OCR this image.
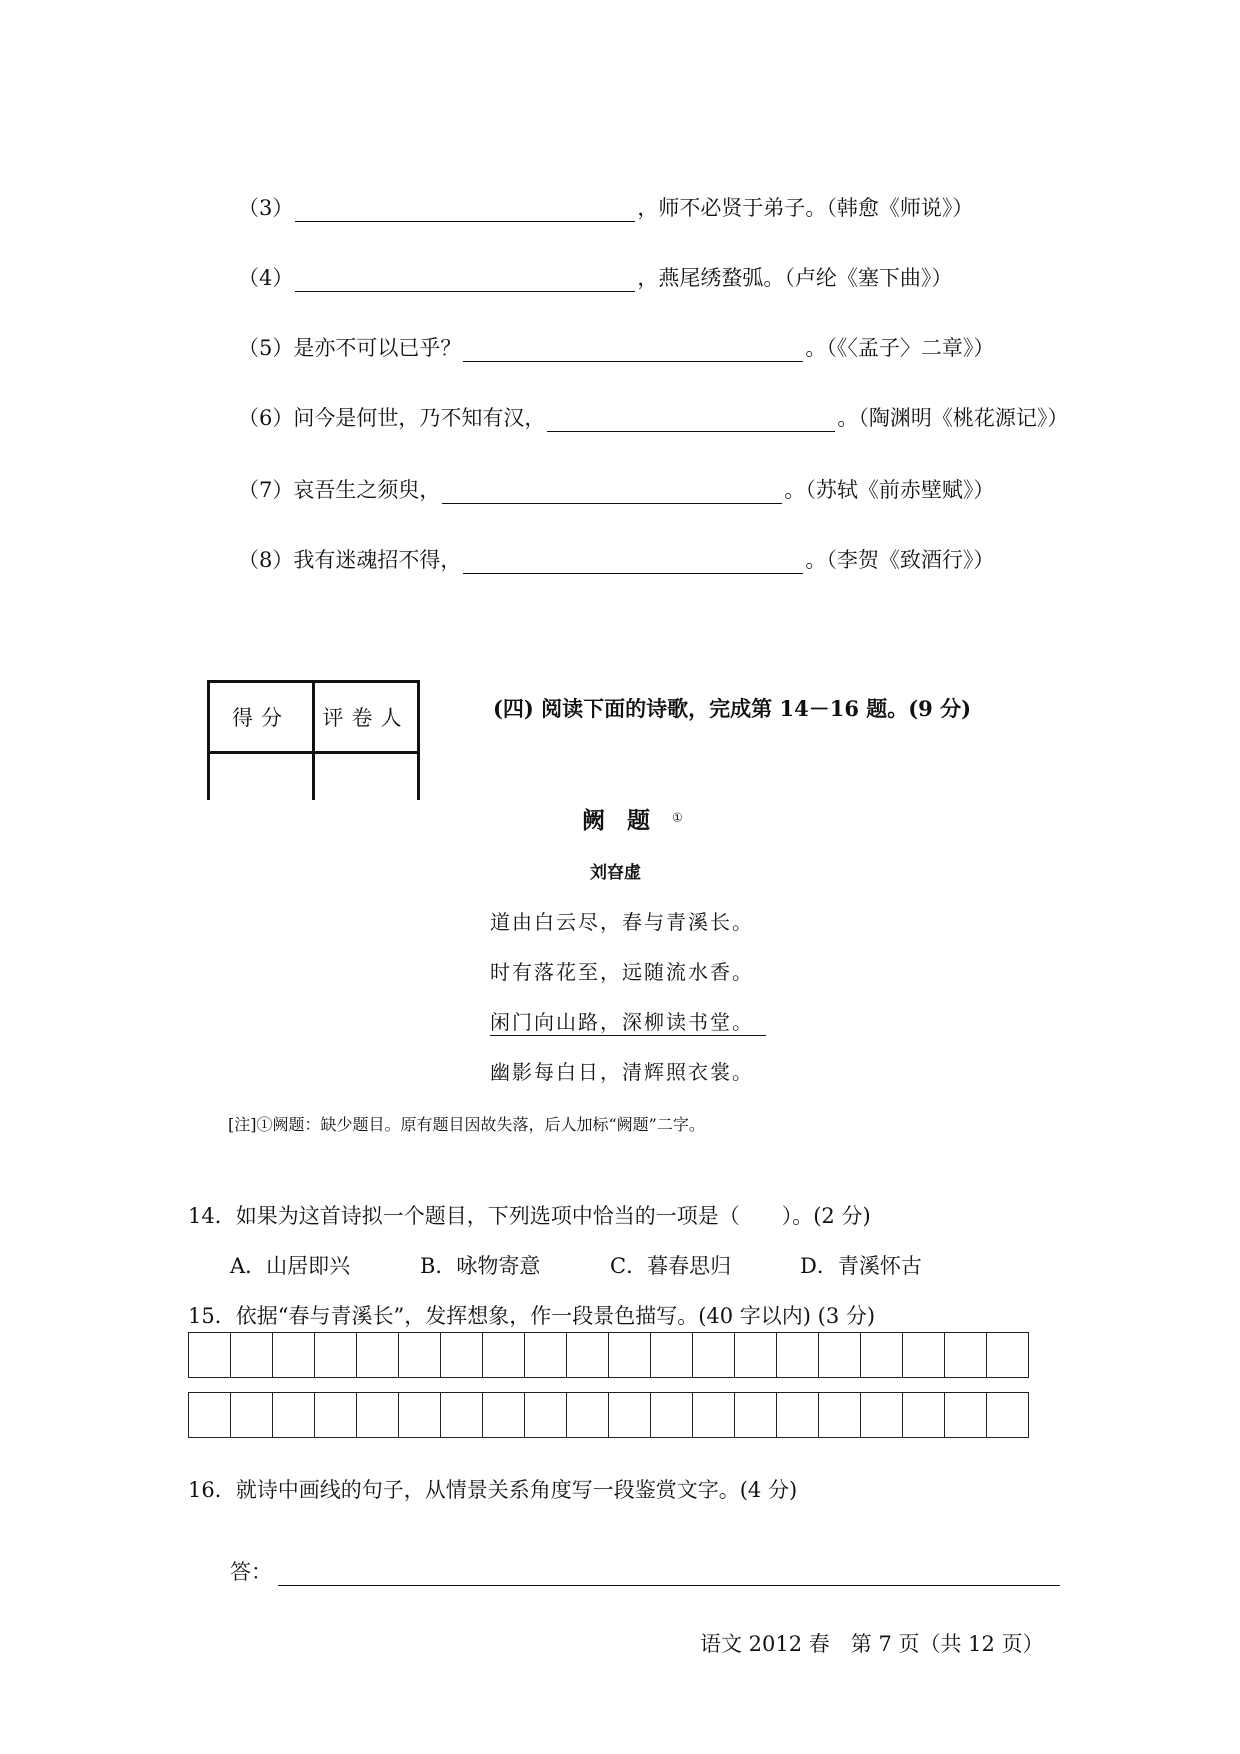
（3）	，师不必贤于弟子。（韩愈《师说》）
（4）	，燕尾绣蝥弧。（卢纶《塞下曲》）
（5） 是亦不可以已乎？	。（《〈孟子〉二章》）
（6） 问今是何世，乃不知有汉，	。（陶渊明《桃花源记》）
（7） 哀吾生之须臾，	。（苏轼《前赤壁赋》）
（8） 我有迷魂招不得，	。（李贺《致酒行》）
得分	评卷人
		(四) 阅读下面的诗歌，完成第 14－16 题。(9 分)
阙题①
刘昚虚
道由白云尽，春与青溪长。
时有落花至，远随流水香。
闲门向山路，深柳读书堂。
幽影每白日，清辉照衣裳。
[注]①阙题：缺少题目。原有题目因故失落，后人加标“阙题”二字。
14．如果为这首诗拟一个题目，下列选项中恰当的一项是（　　）。(2 分)
A．山居即兴	B．咏物寄意	C．暮春思归	D．青溪怀古
15．依据“春与青溪长”，发挥想象，作一段景色描写。(40 字以内) (3 分)
16．就诗中画线的句子，从情景关系角度写一段鉴赏文字。(4 分)
答：
语文 2012 春　第 7 页（共 12 页）
